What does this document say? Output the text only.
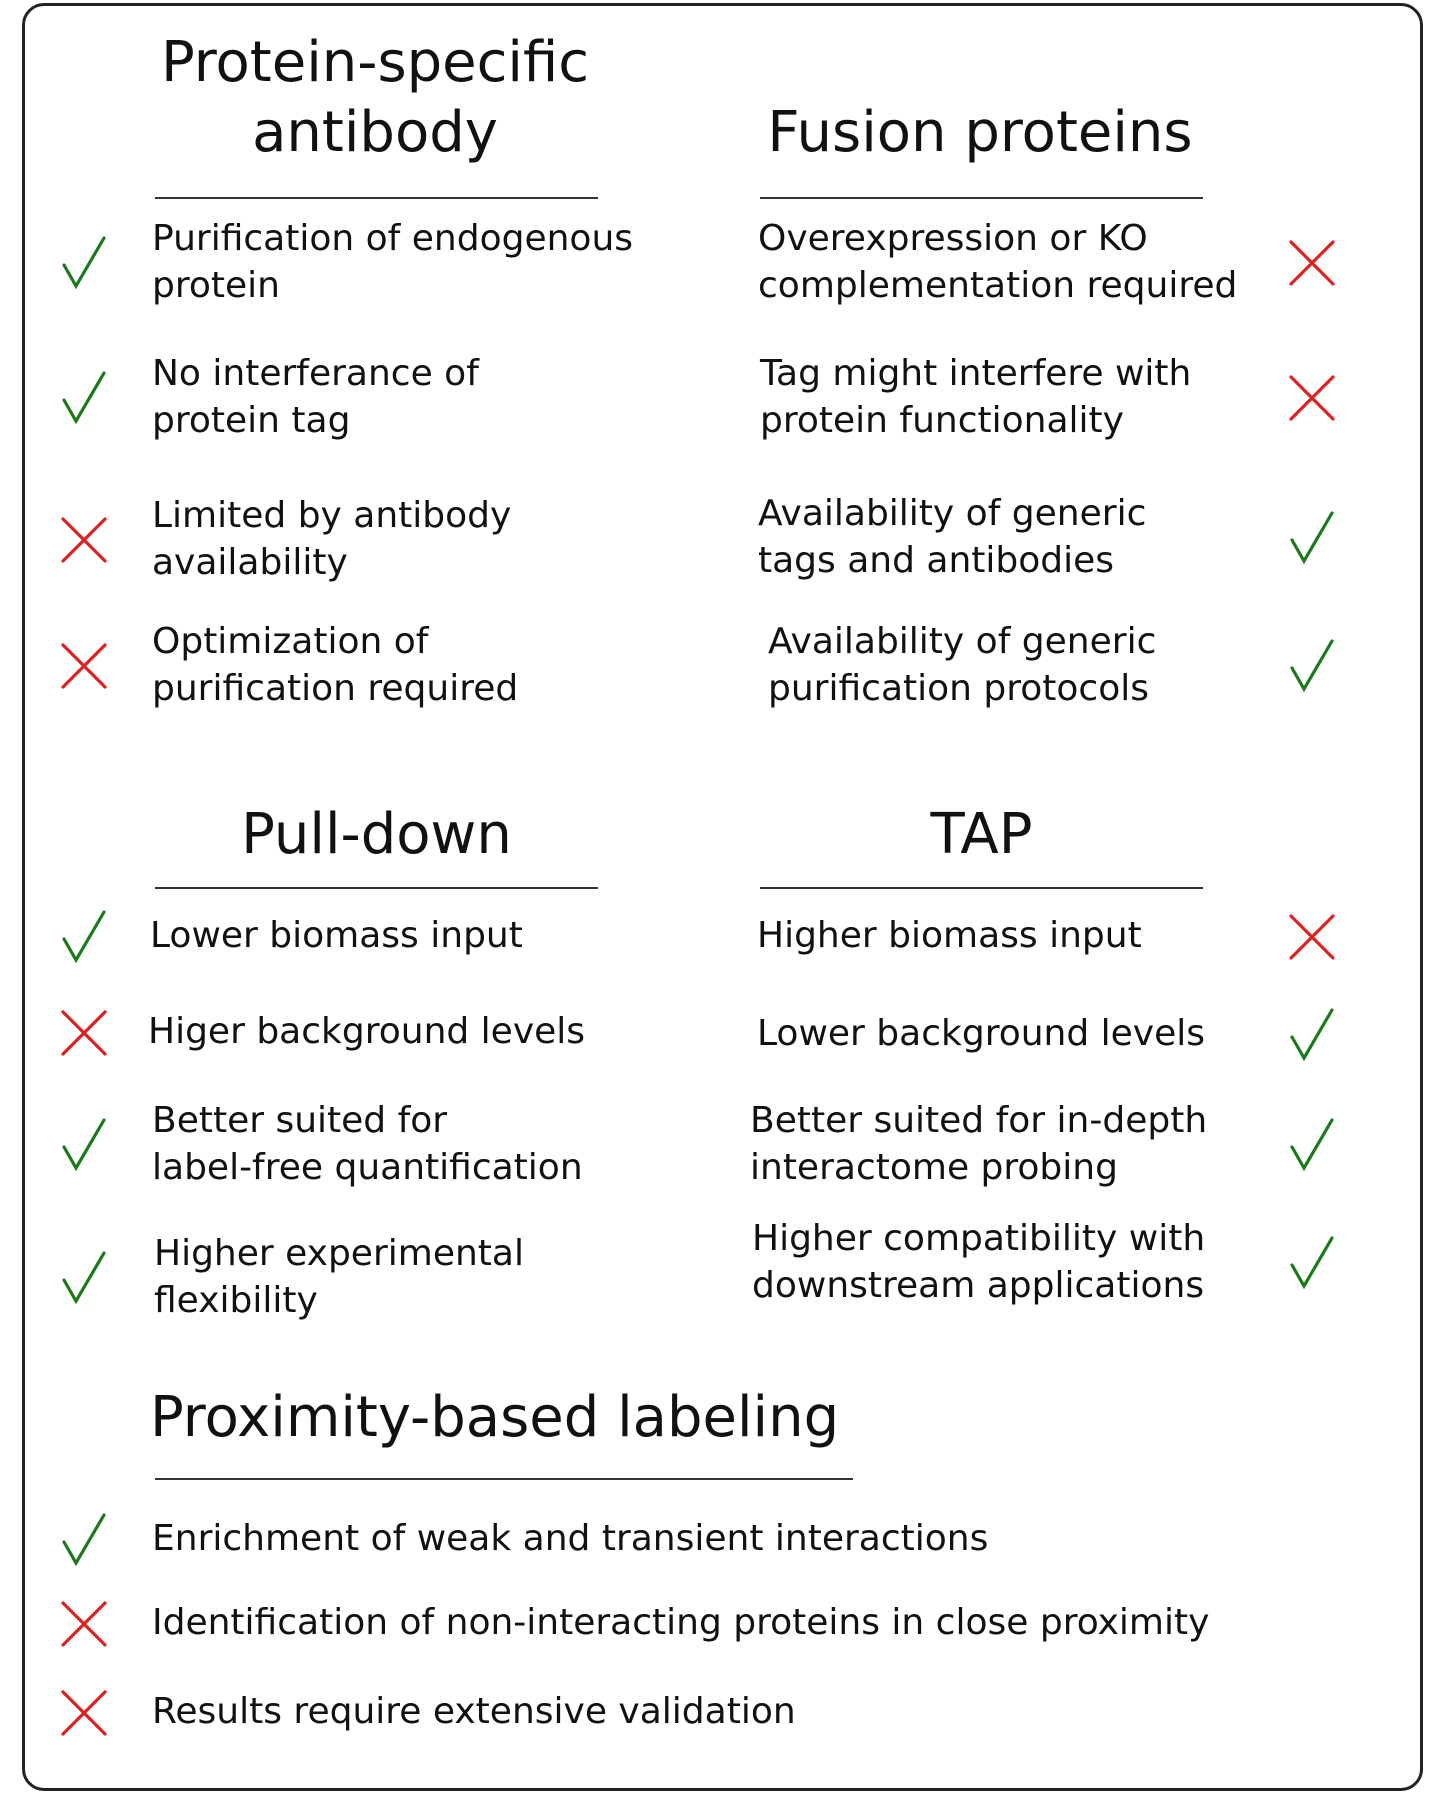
Protein-specific
antibody
Purification of endogenous
protein
No interferance of
protein tag
Limited by antibody
availability
Optimization of
purification required
Fusion proteins
Overexpression or KO
complementation required
Tag might interfere with
protein functionality
Availability of generic
tags and antibodies
Availability of generic
purification protocols
Pull-down
Lower biomass input
Higer background levels
Better suited for
label-free quantification
Higher experimental
flexibility
TAP
Higher biomass input
Lower background levels
Better suited for in-depth
interactome probing
Higher compatibility with
downstream applications
Proximity-based labeling
Enrichment of weak and transient interactions
Identification of non-interacting proteins in close proximity
Results require extensive validation
